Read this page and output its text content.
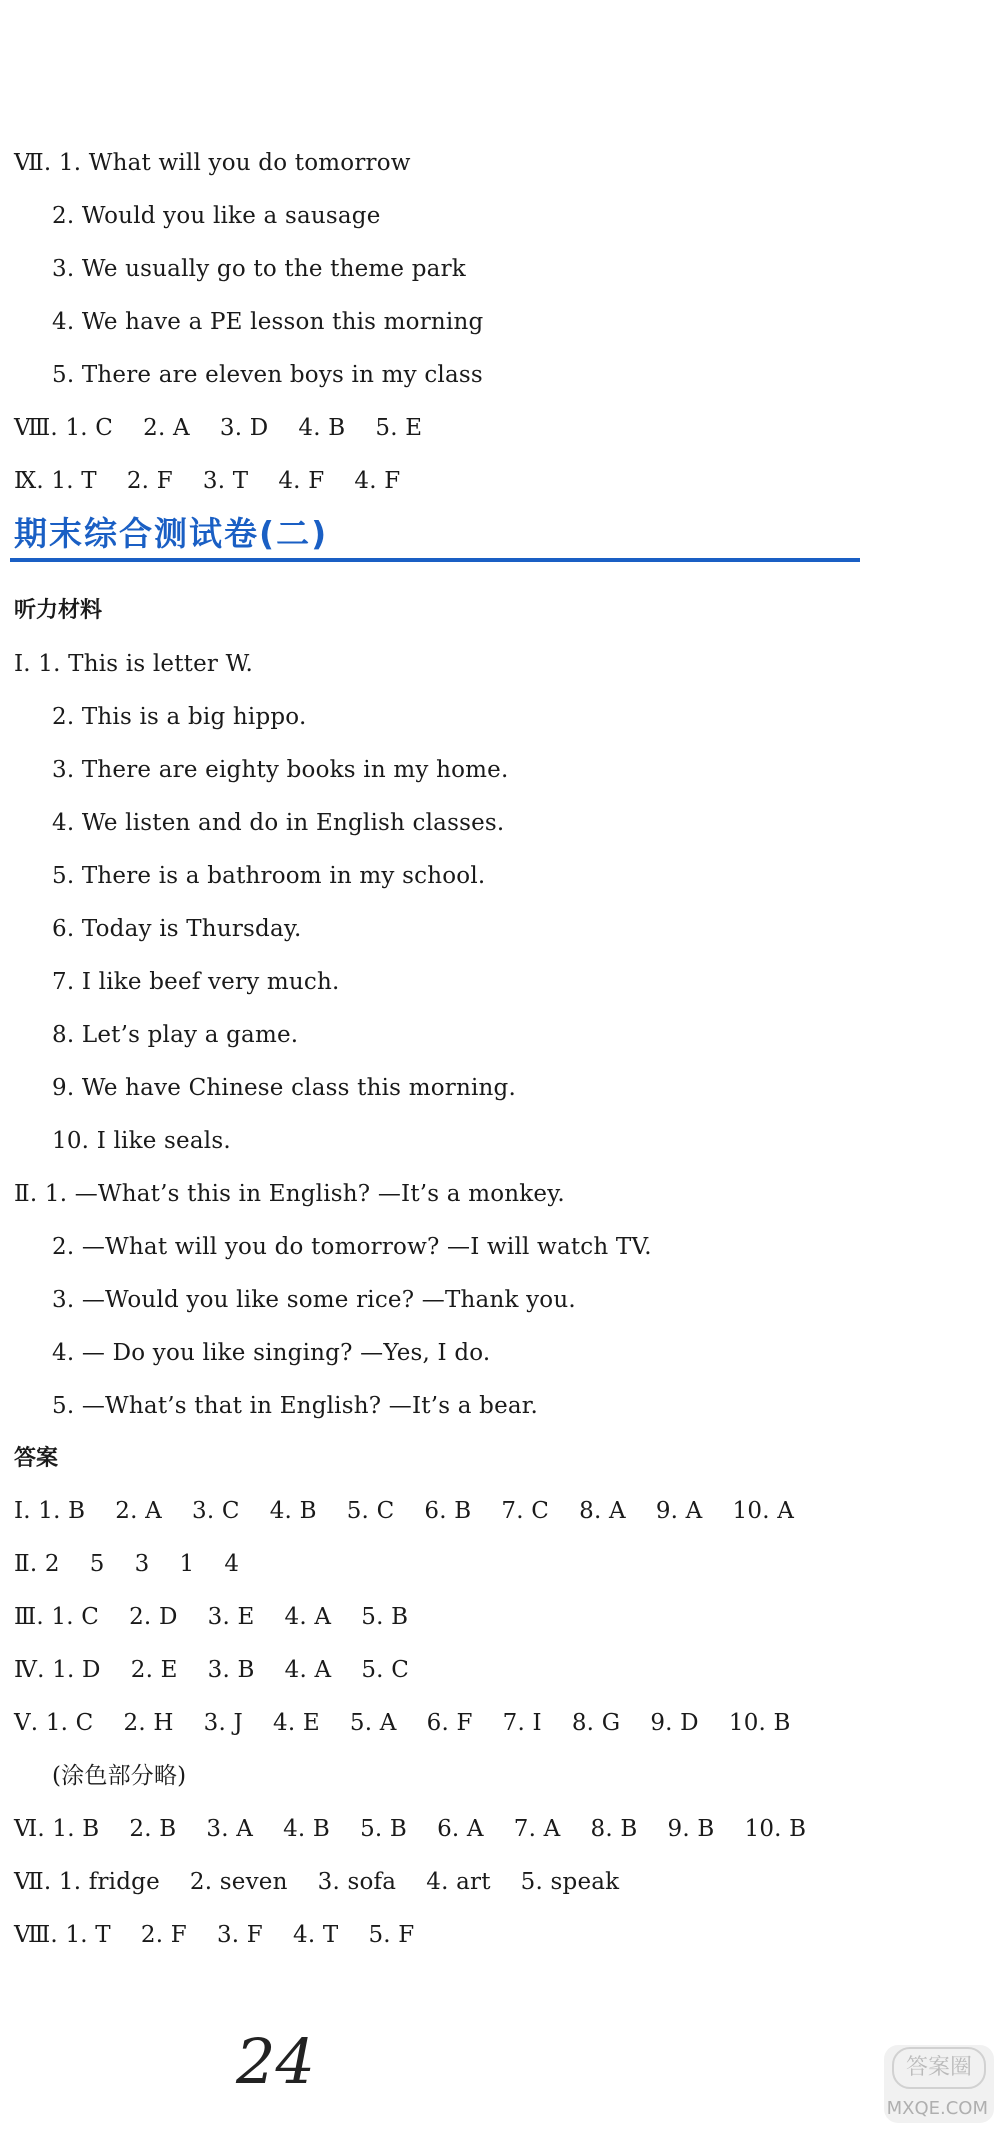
Ⅶ. 1. What will you do tomorrow
2. Would you like a sausage
3. We usually go to the theme park
4. We have a PE lesson this morning
5. There are eleven boys in my class
Ⅷ. 1. C    2. A    3. D    4. B    5. E
Ⅸ. 1. T    2. F    3. T    4. F    4. F
期末综合测试卷(二)
听力材料
Ⅰ. 1. This is letter W.
2. This is a big hippo.
3. There are eighty books in my home.
4. We listen and do in English classes.
5. There is a bathroom in my school.
6. Today is Thursday.
7. I like beef very much.
8. Let’s play a game.
9. We have Chinese class this morning.
10. I like seals.
Ⅱ. 1. —What’s this in English? —It’s a monkey.
2. —What will you do tomorrow? —I will watch TV.
3. —Would you like some rice? —Thank you.
4. — Do you like singing? —Yes, I do.
5. —What’s that in English? —It’s a bear.
答案
Ⅰ. 1. B    2. A    3. C    4. B    5. C    6. B    7. C    8. A    9. A    10. A
Ⅱ. 2    5    3    1    4
Ⅲ. 1. C    2. D    3. E    4. A    5. B
Ⅳ. 1. D    2. E    3. B    4. A    5. C
Ⅴ. 1. C    2. H    3. J    4. E    5. A    6. F    7. I    8. G    9. D    10. B
(涂色部分略)
Ⅵ. 1. B    2. B    3. A    4. B    5. B    6. A    7. A    8. B    9. B    10. B
Ⅶ. 1. fridge    2. seven    3. sofa    4. art    5. speak
Ⅷ. 1. T    2. F    3. F    4. T    5. F
24	答案圈
MXQE.COM
